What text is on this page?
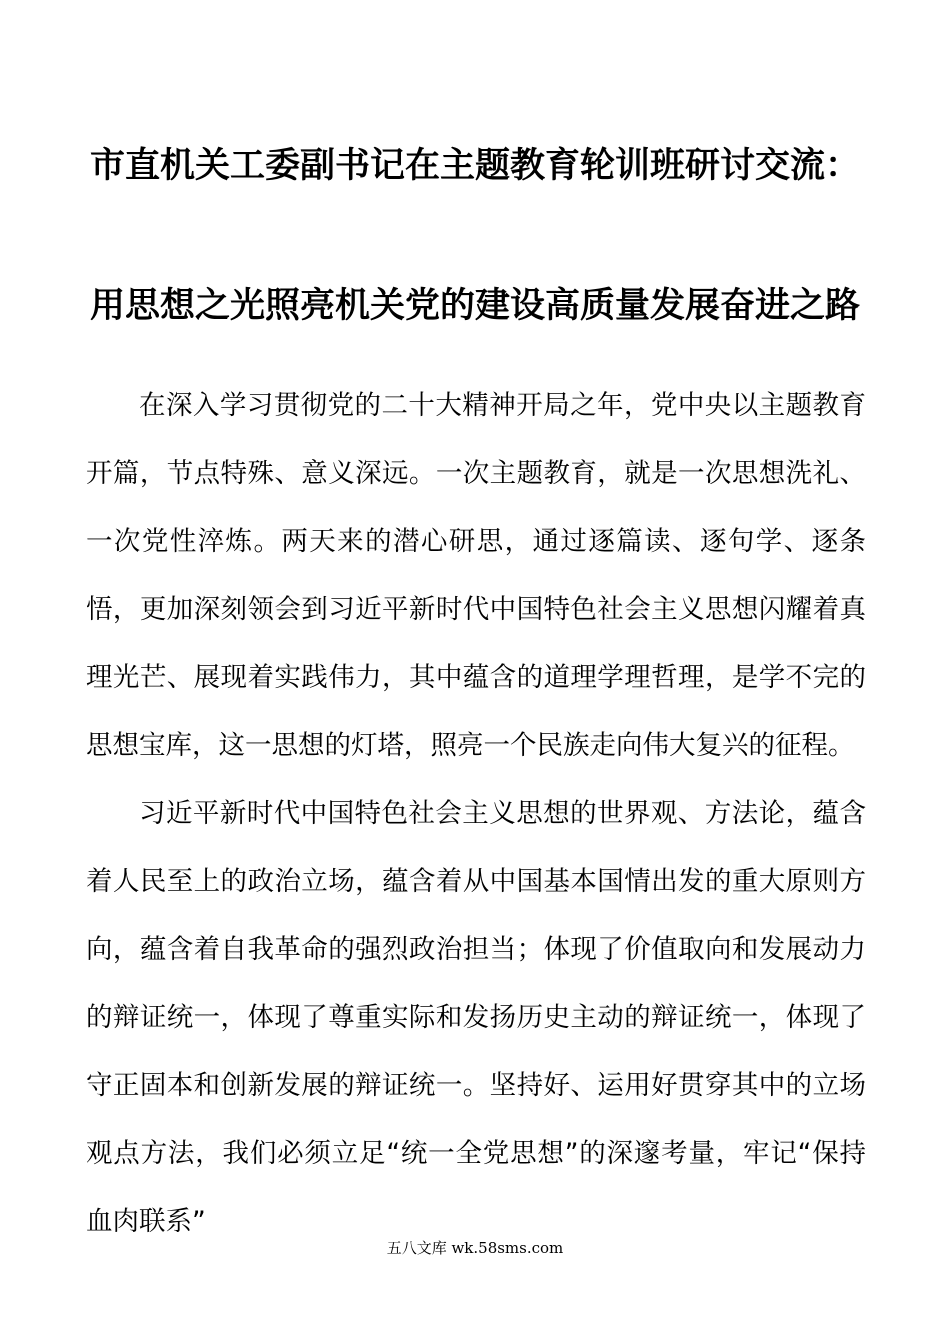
市直机关工委副书记在主题教育轮训班研讨交流：
用思想之光照亮机关党的建设高质量发展奋进之路

在深入学习贯彻党的二十大精神开局之年，党中央以主题教育开篇，节点特殊、意义深远。一次主题教育，就是一次思想洗礼、一次党性淬炼。两天来的潜心研思，通过逐篇读、逐句学、逐条悟，更加深刻领会到习近平新时代中国特色社会主义思想闪耀着真理光芒、展现着实践伟力，其中蕴含的道理学理哲理，是学不完的思想宝库，这一思想的灯塔，照亮一个民族走向伟大复兴的征程。

习近平新时代中国特色社会主义思想的世界观、方法论，蕴含着人民至上的政治立场，蕴含着从中国基本国情出发的重大原则方向，蕴含着自我革命的强烈政治担当；体现了价值取向和发展动力的辩证统一，体现了尊重实际和发扬历史主动的辩证统一，体现了守正固本和创新发展的辩证统一。坚持好、运用好贯穿其中的立场观点方法，我们必须立足“统一全党思想”的深邃考量，牢记“保持血肉联系”

五八文库 wk.58sms.com
